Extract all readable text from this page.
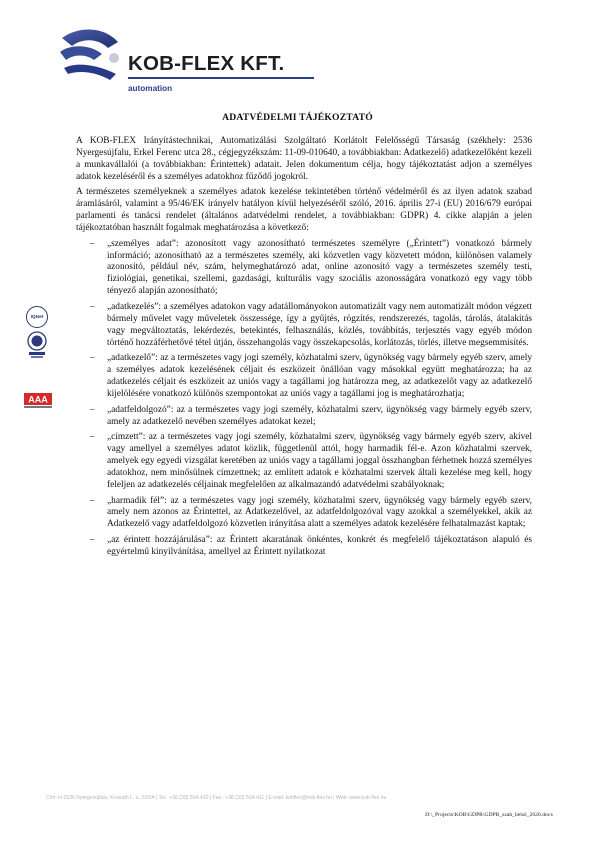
KOB-FLEX KFT.
automation
ADATVÉDELMI TÁJÉKOZTATÓ

A KOB-FLEX Irányítástechnikai, Automatizálási Szolgáltató Korlátolt Felelősségű Társaság (székhely: 2536 Nyergesújfalu, Erkel Ferenc utca 28., cégjegyzékszám: 11-09-010640, a továbbiakban: Adatkezelő) adatkezelőként kezeli a munkavállalói (a továbbiakban: Érintettek) adatait. Jelen dokumentum célja, hogy tájékoztatást adjon a személyes adatok kezeléséről és a személyes adatokhoz fűződő jogokról.

A természetes személyeknek a személyes adatok kezelése tekintetében történő védelméről és az ilyen adatok szabad áramlásáról, valamint a 95/46/EK irányelv hatályon kívül helyezéséről szóló, 2016. április 27-i (EU) 2016/679 európai parlamenti és tanácsi rendelet (általános adatvédelmi rendelet, a továbbiakban: GDPR) 4. cikke alapján a jelen tájékoztatóban használt fogalmak meghatározása a következő:

– „személyes adat”: azonosított vagy azonosítható természetes személyre („Érintett”) vonatkozó bármely információ; azonosítható az a természetes személy, aki közvetlen vagy közvetett módon, különösen valamely azonosító, például név, szám, helymeghatározó adat, online azonosító vagy a természetes személy testi, fiziológiai, genetikai, szellemi, gazdasági, kulturális vagy szociális azonosságára vonatkozó egy vagy több tényező alapján azonosítható;
– „adatkezelés”: a személyes adatokon vagy adatállományokon automatizált vagy nem automatizált módon végzett bármely művelet vagy műveletek összessége, így a gyűjtés, rögzítés, rendszerezés, tagolás, tárolás, átalakítás vagy megváltoztatás, lekérdezés, betekintés, felhasználás, közlés, továbbítás, terjesztés vagy egyéb módon történő hozzáférhetővé tétel útján, összehangolás vagy összekapcsolás, korlátozás, törlés, illetve megsemmisítés.
– „adatkezelő”: az a természetes vagy jogi személy, közhatalmi szerv, ügynökség vagy bármely egyéb szerv, amely a személyes adatok kezelésének céljait és eszközeit önállóan vagy másokkal együtt meghatározza; ha az adatkezelés céljait és eszközeit az uniós vagy a tagállami jog határozza meg, az adatkezelőt vagy az adatkezelő kijelölésére vonatkozó különös szempontokat az uniós vagy a tagállami jog is meghatározhatja;
– „adatfeldolgozó”: az a természetes vagy jogi személy, közhatalmi szerv, ügynökség vagy bármely egyéb szerv, amely az adatkezelő nevében személyes adatokat kezel;
– „címzett”: az a természetes vagy jogi személy, közhatalmi szerv, ügynökség vagy bármely egyéb szerv, akivel vagy amellyel a személyes adatot közlik, függetlenül attól, hogy harmadik fél-e. Azon közhatalmi szervek, amelyek egy egyedi vizsgálat keretében az uniós vagy a tagállami joggal összhangban férhetnek hozzá személyes adatokhoz, nem minősülnek címzettnek; az említett adatok e közhatalmi szervek általi kezelése meg kell, hogy feleljen az adatkezelés céljainak megfelelően az alkalmazandó adatvédelmi szabályoknak;
– „harmadik fél”: az a természetes vagy jogi személy, közhatalmi szerv, ügynökség vagy bármely egyéb szerv, amely nem azonos az Érintettel, az Adatkezelővel, az adatfeldolgozóval vagy azokkal a személyekkel, akik az Adatkezelő vagy adatfeldolgozó közvetlen irányítása alatt a személyes adatok kezelésére felhatalmazást kaptak;
– „az érintett hozzájárulása”: az Érintett akaratának önkéntes, konkrét és megfelelő tájékoztatáson alapuló és egyértelmű kinyilvánítása, amellyel az Érintett nyilatkozat
IQNet
AAA
Cím: H-2536 Nyergesújfalu, Kossuth L. u. 220/A | Tel.: +36 (33) 504-410 | Fax.: +36 (33) 504-411 | E-mail: kobflex@kob-flex.hu | Web: www.kob-flex.hu
D:\_Projects\KOB\GDPR\GDPR_szab_belső_2020.docx
